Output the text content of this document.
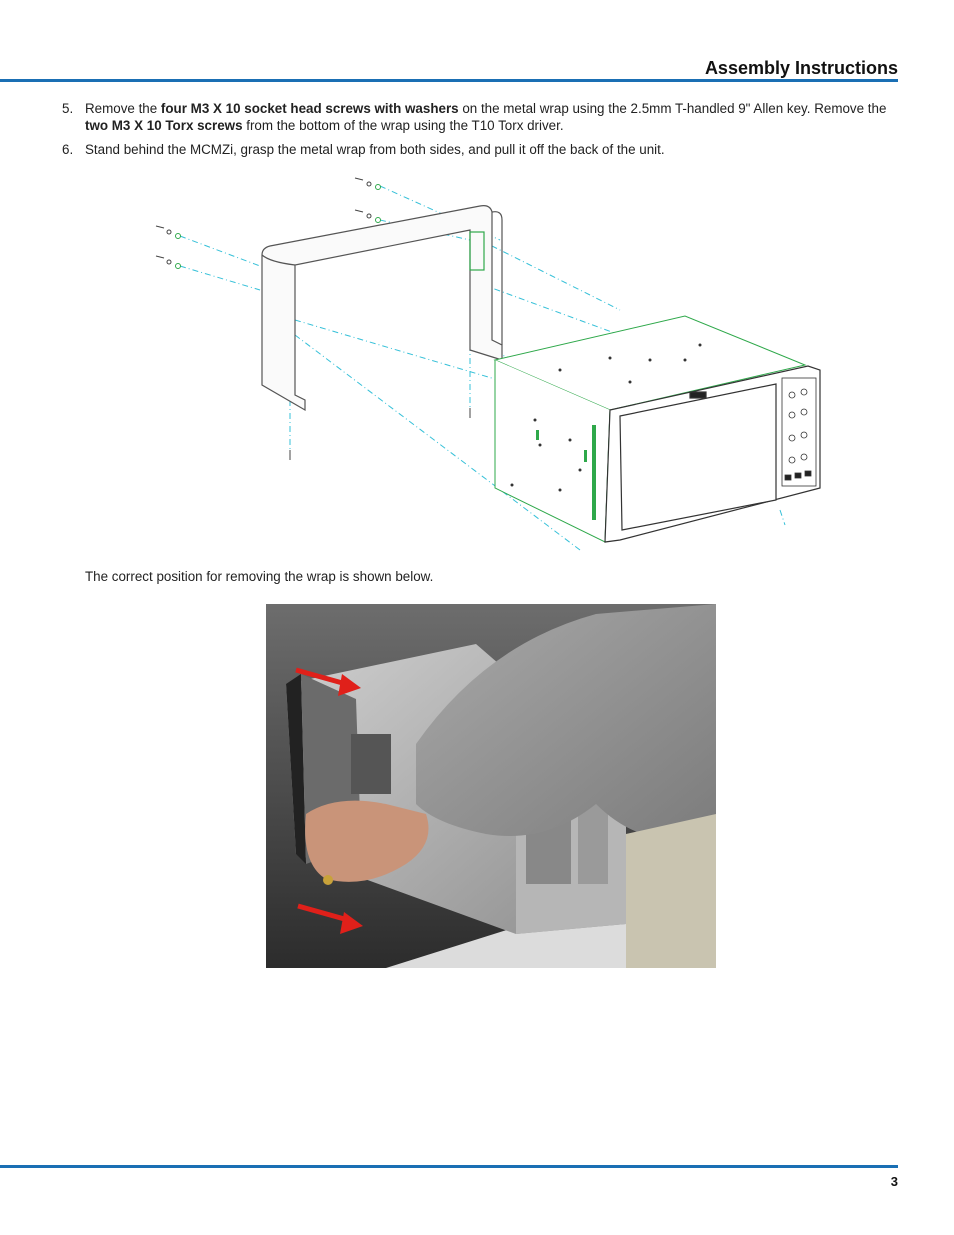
Assembly Instructions
5. Remove the four M3 X 10 socket head screws with washers on the metal wrap using the 2.5mm T-handled 9" Allen key. Remove the two M3 X 10 Torx screws from the bottom of the wrap using the T10 Torx driver.
6. Stand behind the MCMZi, grasp the metal wrap from both sides, and pull it off the back of the unit.
The correct position for removing the wrap is shown below.
3
